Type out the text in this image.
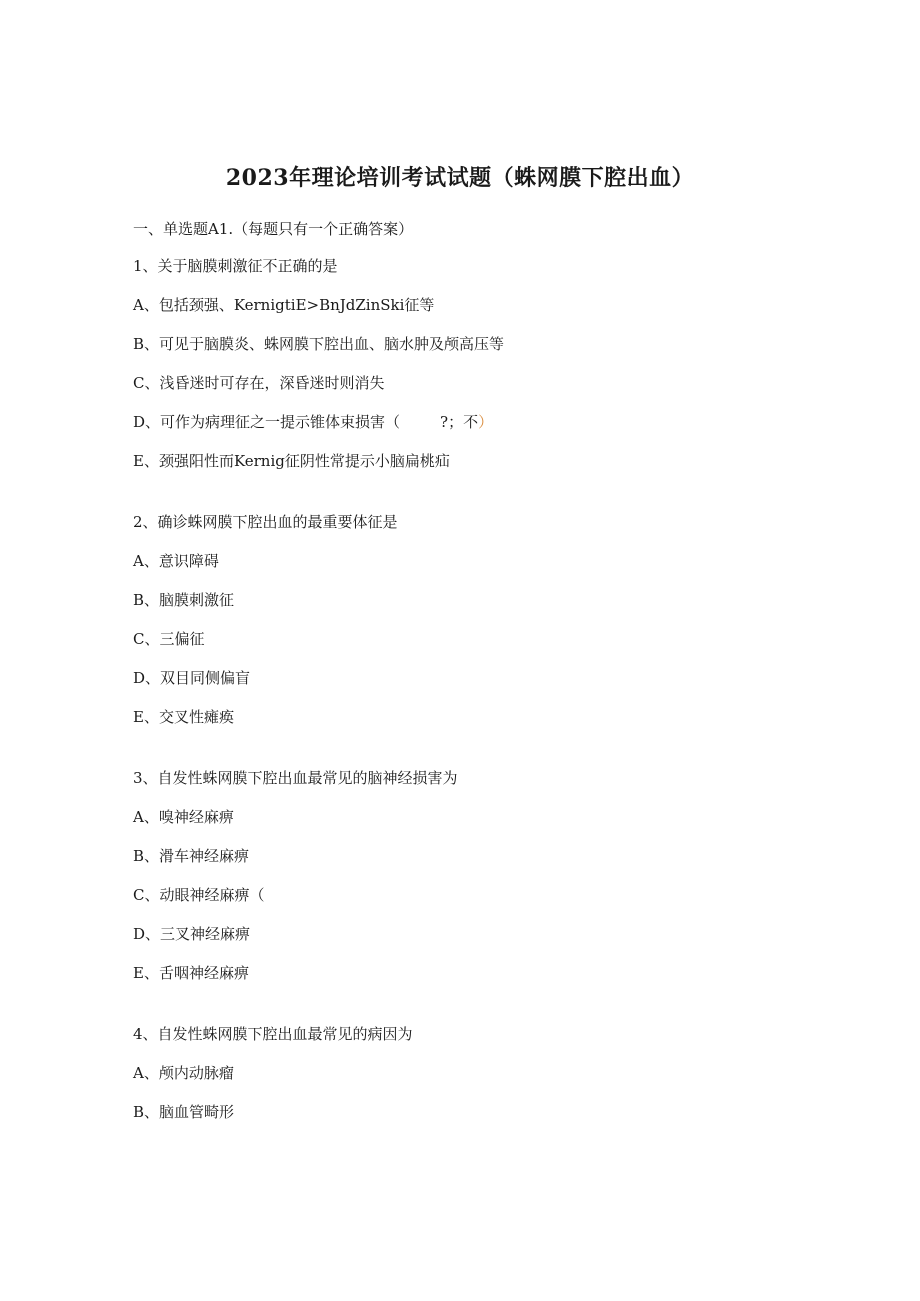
2023年理论培训考试试题（蛛网膜下腔出血）
一、单选题A1.（每题只有一个正确答案）
1、关于脑膜刺激征不正确的是
A、包括颈强、KernigtiE>BnJdZinSki征等
B、可见于脑膜炎、蛛网膜下腔出血、脑水肿及颅高压等
C、浅昏迷时可存在，深昏迷时则消失
D、可作为病理征之一提示锥体束损害（	?；不）
E、颈强阳性而Kernig征阴性常提示小脑扁桃疝
2、确诊蛛网膜下腔出血的最重要体征是
A、意识障碍
B、脑膜刺激征
C、三偏征
D、双目同侧偏盲
E、交叉性瘫痪
3、自发性蛛网膜下腔出血最常见的脑神经损害为
A、嗅神经麻痹
B、滑车神经麻痹
C、动眼神经麻痹（
D、三叉神经麻痹
E、舌咽神经麻痹
4、自发性蛛网膜下腔出血最常见的病因为
A、颅内动脉瘤
B、脑血管畸形
